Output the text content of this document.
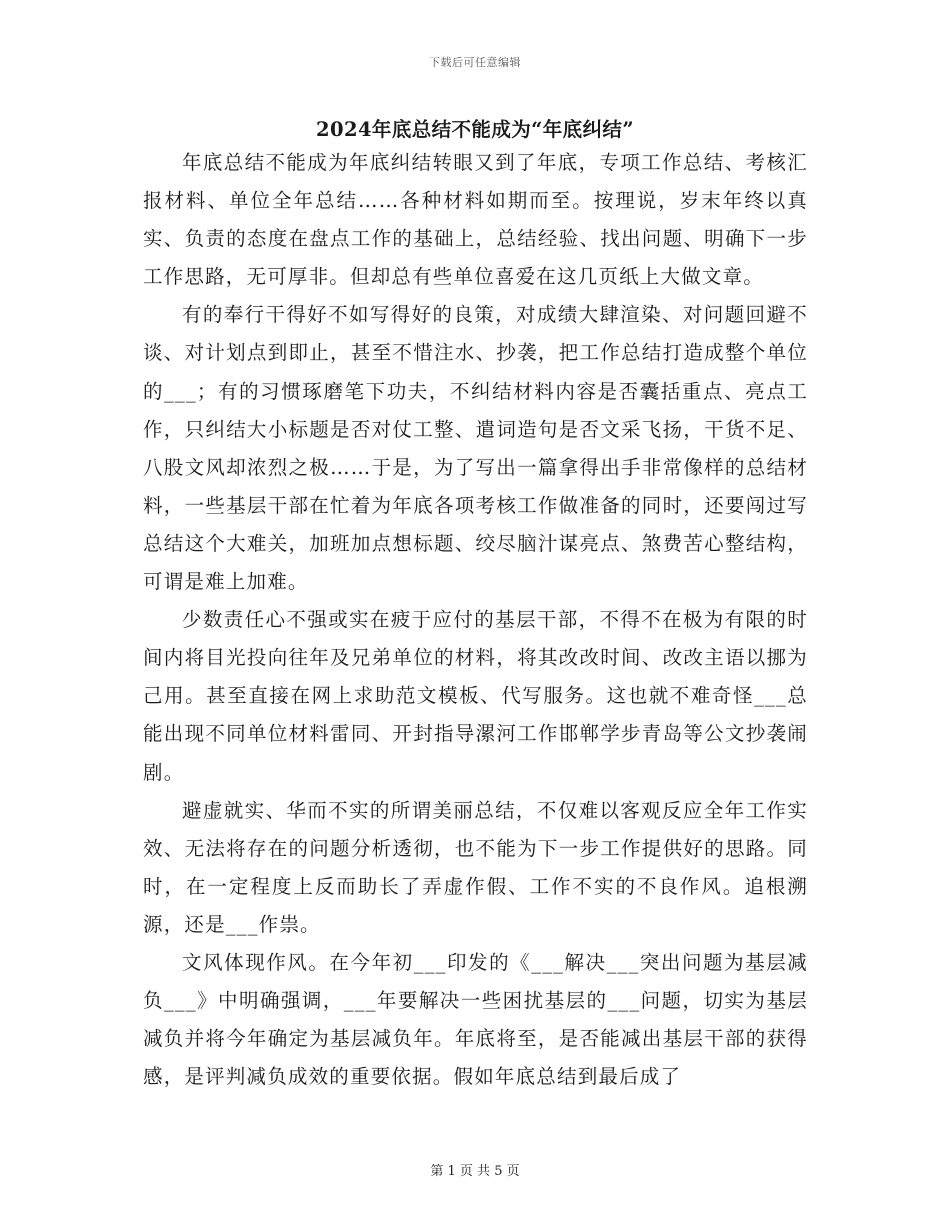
下载后可任意编辑
2024年底总结不能成为“年底纠结”

年底总结不能成为年底纠结转眼又到了年底，专项工作总结、考核汇报材料、单位全年总结……各种材料如期而至。按理说，岁末年终以真实、负责的态度在盘点工作的基础上，总结经验、找出问题、明确下一步工作思路，无可厚非。但却总有些单位喜爱在这几页纸上大做文章。

有的奉行干得好不如写得好的良策，对成绩大肆渲染、对问题回避不谈、对计划点到即止，甚至不惜注水、抄袭，把工作总结打造成整个单位的___；有的习惯琢磨笔下功夫，不纠结材料内容是否囊括重点、亮点工作，只纠结大小标题是否对仗工整、遣词造句是否文采飞扬，干货不足、八股文风却浓烈之极……于是，为了写出一篇拿得出手非常像样的总结材料，一些基层干部在忙着为年底各项考核工作做准备的同时，还要闯过写总结这个大难关，加班加点想标题、绞尽脑汁谋亮点、煞费苦心整结构，可谓是难上加难。

少数责任心不强或实在疲于应付的基层干部，不得不在极为有限的时间内将目光投向往年及兄弟单位的材料，将其改改时间、改改主语以挪为己用。甚至直接在网上求助范文模板、代写服务。这也就不难奇怪___总能出现不同单位材料雷同、开封指导漯河工作邯郸学步青岛等公文抄袭闹剧。

避虚就实、华而不实的所谓美丽总结，不仅难以客观反应全年工作实效、无法将存在的问题分析透彻，也不能为下一步工作提供好的思路。同时，在一定程度上反而助长了弄虚作假、工作不实的不良作风。追根溯源，还是___作祟。

文风体现作风。在今年初___印发的《___解决___突出问题为基层减负___》中明确强调，___年要解决一些困扰基层的___问题，切实为基层减负并将今年确定为基层减负年。年底将至，是否能减出基层干部的获得感，是评判减负成效的重要依据。假如年底总结到最后成了

第 1 页 共 5 页
